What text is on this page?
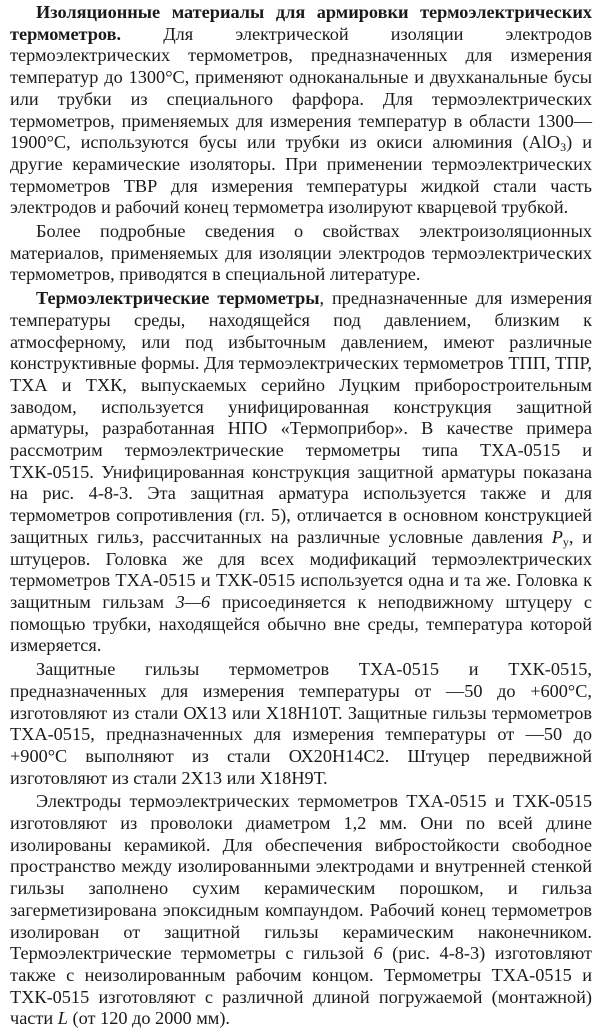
Изоляционные материалы для армировки термоэлектрических термометров. Для электрической изоляции электродов термоэлектрических термометров, предназначенных для измерения температур до 1300°С, применяют одноканальные и двухканальные бусы или трубки из специального фарфора. Для термоэлектрических термометров, применяемых для измерения температур в области 1300—1900°С, используются бусы или трубки из окиси алюминия (AlO$_3$) и другие керамические изоляторы. При применении термоэлектрических термометров ТВР для измерения температуры жидкой стали часть электродов и рабочий конец термометра изолируют кварцевой трубкой.

Более подробные сведения о свойствах электроизоляционных материалов, применяемых для изоляции электродов термоэлектрических термометров, приводятся в специальной литературе.

Термоэлектрические термометры, предназначенные для измерения температуры среды, находящейся под давлением, близким к атмосферному, или под избыточным давлением, имеют различные конструктивные формы. Для термоэлектрических термометров ТПП, ТПР, ТХА и ТХК, выпускаемых серийно Луцким приборостроительным заводом, используется унифицированная конструкция защитной арматуры, разработанная НПО «Термоприбор». В качестве примера рассмотрим термоэлектрические термометры типа ТХА-0515 и ТХК-0515. Унифицированная конструкция защитной арматуры показана на рис. 4-8-3. Эта защитная арматура используется также и для термометров сопротивления (гл. 5), отличается в основном конструкцией защитных гильз, рассчитанных на различные условные давления $P_у$, и штуцеров. Головка же для всех модификаций термоэлектрических термометров ТХА-0515 и ТХК-0515 используется одна и та же. Головка к защитным гильзам 3—6 присоединяется к неподвижному штуцеру с помощью трубки, находящейся обычно вне среды, температура которой измеряется.

Защитные гильзы термометров ТХА-0515 и ТХК-0515, предназначенных для измерения температуры от —50 до +600°С, изготовляют из стали ОХ13 или Х18Н10Т. Защитные гильзы термометров ТХА-0515, предназначенных для измерения температуры от —50 до +900°С выполняют из стали ОХ20Н14С2. Штуцер передвижной изготовляют из стали 2Х13 или Х18Н9Т.

Электроды термоэлектрических термометров ТХА-0515 и ТХК-0515 изготовляют из проволоки диаметром 1,2 мм. Они по всей длине изолированы керамикой. Для обеспечения вибростойкости свободное пространство между изолированными электродами и внутренней стенкой гильзы заполнено сухим керамическим порошком, и гильза загерметизирована эпоксидным компаундом. Рабочий конец термометров изолирован от защитной гильзы керамическим наконечником. Термоэлектрические термометры с гильзой 6 (рис. 4-8-3) изготовляют также с неизолированным рабочим концом. Термометры ТХА-0515 и ТХК-0515 изготовляют с различной длиной погружаемой (монтажной) части L (от 120 до 2000 мм).
